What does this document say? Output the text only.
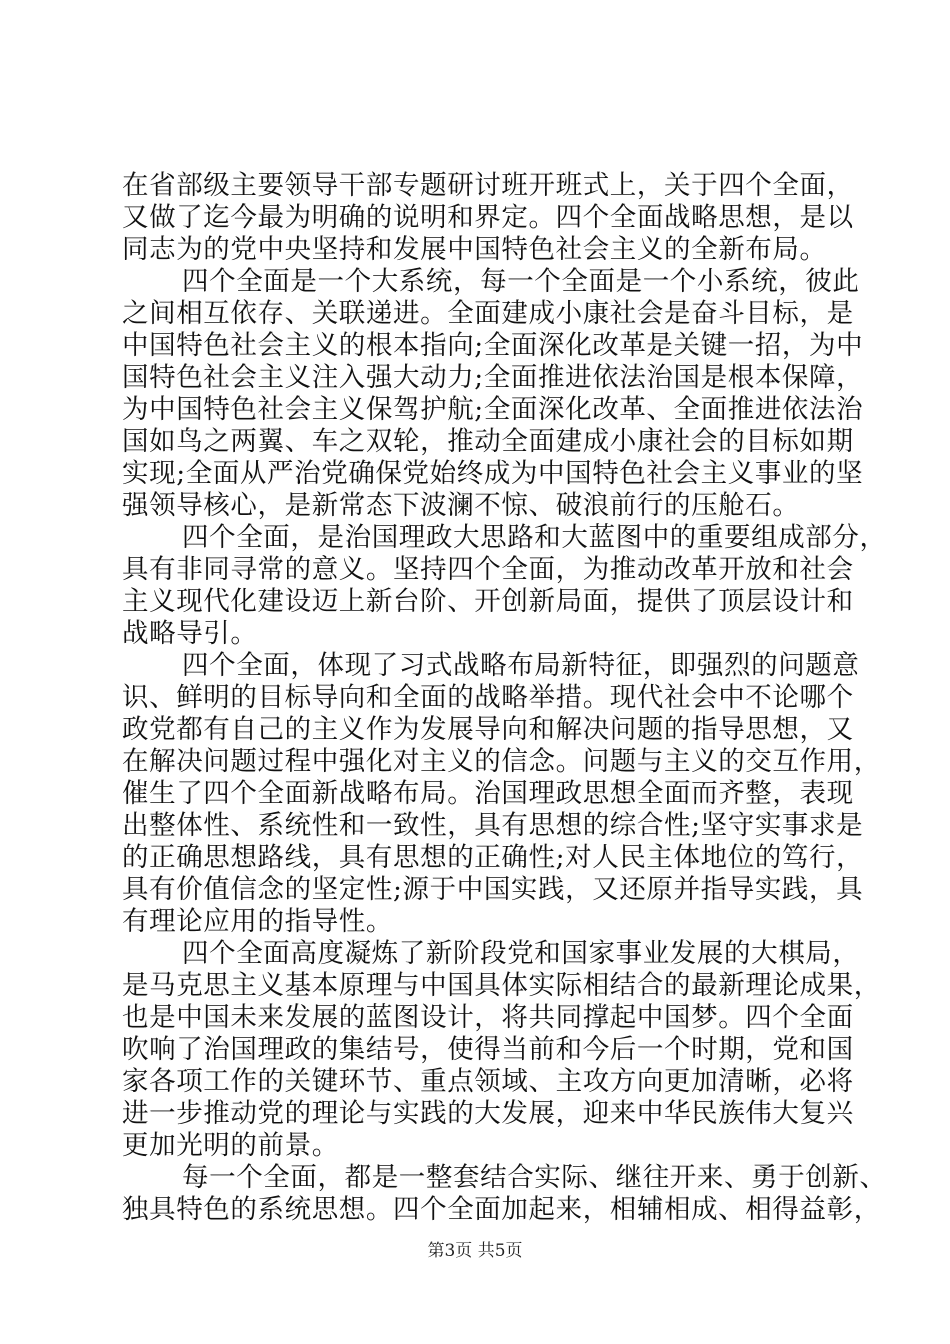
在省部级主要领导干部专题研讨班开班式上，关于四个全面，
又做了迄今最为明确的说明和界定。四个全面战略思想，是以
同志为的党中央坚持和发展中国特色社会主义的全新布局。
四个全面是一个大系统，每一个全面是一个小系统，彼此
之间相互依存、关联递进。全面建成小康社会是奋斗目标，是
中国特色社会主义的根本指向;全面深化改革是关键一招，为中
国特色社会主义注入强大动力;全面推进依法治国是根本保障，
为中国特色社会主义保驾护航;全面深化改革、全面推进依法治
国如鸟之两翼、车之双轮，推动全面建成小康社会的目标如期
实现;全面从严治党确保党始终成为中国特色社会主义事业的坚
强领导核心，是新常态下波澜不惊、破浪前行的压舱石。
四个全面，是治国理政大思路和大蓝图中的重要组成部分，
具有非同寻常的意义。坚持四个全面，为推动改革开放和社会
主义现代化建设迈上新台阶、开创新局面，提供了顶层设计和
战略导引。
四个全面，体现了习式战略布局新特征，即强烈的问题意
识、鲜明的目标导向和全面的战略举措。现代社会中不论哪个
政党都有自己的主义作为发展导向和解决问题的指导思想，又
在解决问题过程中强化对主义的信念。问题与主义的交互作用，
催生了四个全面新战略布局。治国理政思想全面而齐整，表现
出整体性、系统性和一致性，具有思想的综合性;坚守实事求是
的正确思想路线，具有思想的正确性;对人民主体地位的笃行，
具有价值信念的坚定性;源于中国实践，又还原并指导实践，具
有理论应用的指导性。
四个全面高度凝炼了新阶段党和国家事业发展的大棋局，
是马克思主义基本原理与中国具体实际相结合的最新理论成果，
也是中国未来发展的蓝图设计，将共同撑起中国梦。四个全面
吹响了治国理政的集结号，使得当前和今后一个时期，党和国
家各项工作的关键环节、重点领域、主攻方向更加清晰，必将
进一步推动党的理论与实践的大发展，迎来中华民族伟大复兴
更加光明的前景。
每一个全面，都是一整套结合实际、继往开来、勇于创新、
独具特色的系统思想。四个全面加起来，相辅相成、相得益彰，
第3页 共5页
